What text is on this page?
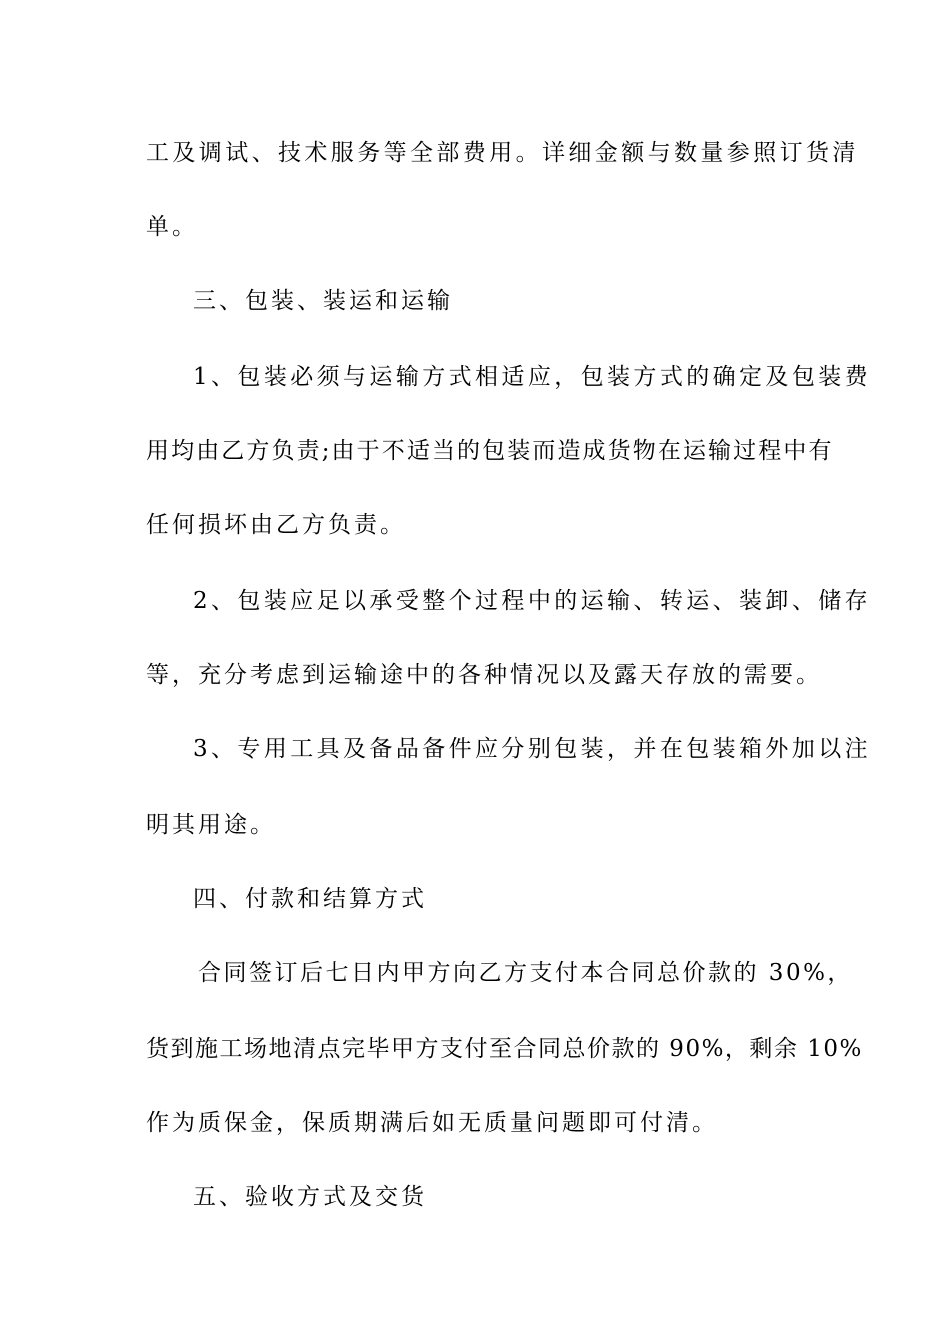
工及调试、技术服务等全部费用。详细金额与数量参照订货清
单。
三、包装、装运和运输
1、包装必须与运输方式相适应，包装方式的确定及包装费
用均由乙方负责;由于不适当的包装而造成货物在运输过程中有
任何损坏由乙方负责。
2、包装应足以承受整个过程中的运输、转运、装卸、储存
等，充分考虑到运输途中的各种情况以及露天存放的需要。
3、专用工具及备品备件应分别包装，并在包装箱外加以注
明其用途。
四、付款和结算方式
合同签订后七日内甲方向乙方支付本合同总价款的 30%，
货到施工场地清点完毕甲方支付至合同总价款的 90%，剩余 10%
作为质保金，保质期满后如无质量问题即可付清。
五、验收方式及交货
